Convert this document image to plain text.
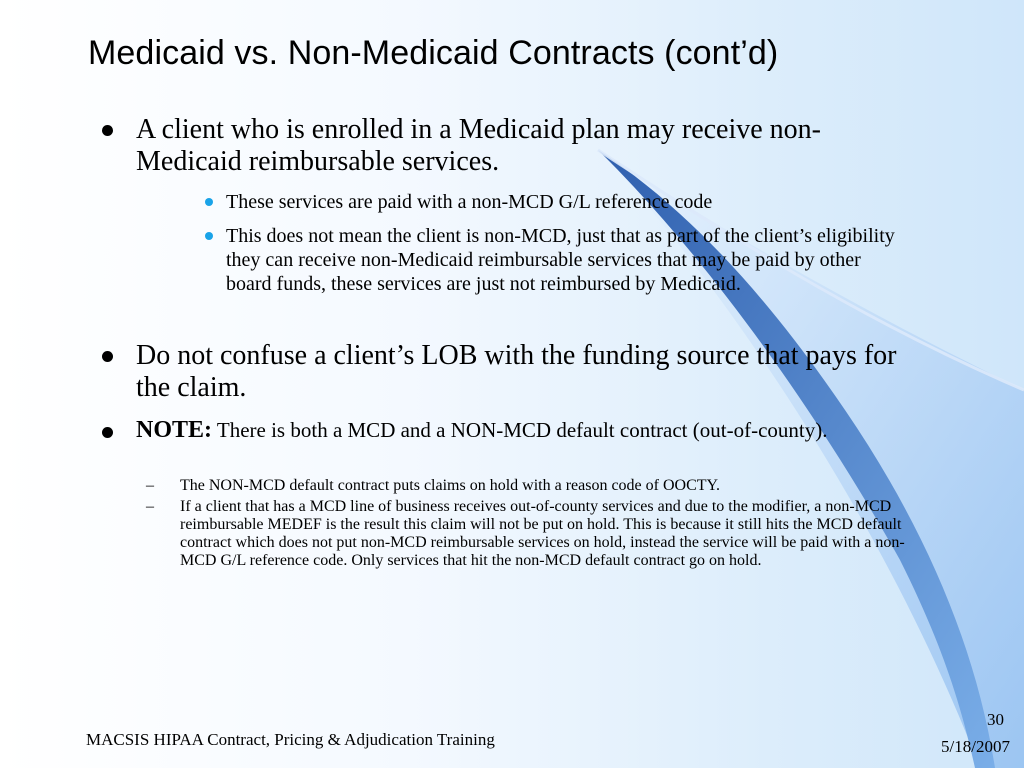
Medicaid vs. Non-Medicaid Contracts (cont’d)
A client who is enrolled in a Medicaid plan may receive non-Medicaid reimbursable services.
These services are paid with a non-MCD G/L reference code
This does not mean the client is non-MCD, just that as part of the client’s eligibility they can receive non-Medicaid reimbursable services that may be paid by other board funds, these services are just not reimbursed by Medicaid.
Do not confuse a client’s LOB with the funding source that pays for the claim.
NOTE: There is both a MCD and a NON-MCD default contract (out-of-county).
– The NON-MCD default contract puts claims on hold with a reason code of OOCTY.
– If a client that has a MCD line of business receives out-of-county services and due to the modifier, a non-MCD reimbursable MEDEF is the result this claim will not be put on hold. This is because it still hits the MCD default contract which does not put non-MCD reimbursable services on hold, instead the service will be paid with a non-MCD G/L reference code. Only services that hit the non-MCD default contract go on hold.
MACSIS HIPAA Contract, Pricing & Adjudication Training
30
5/18/2007
